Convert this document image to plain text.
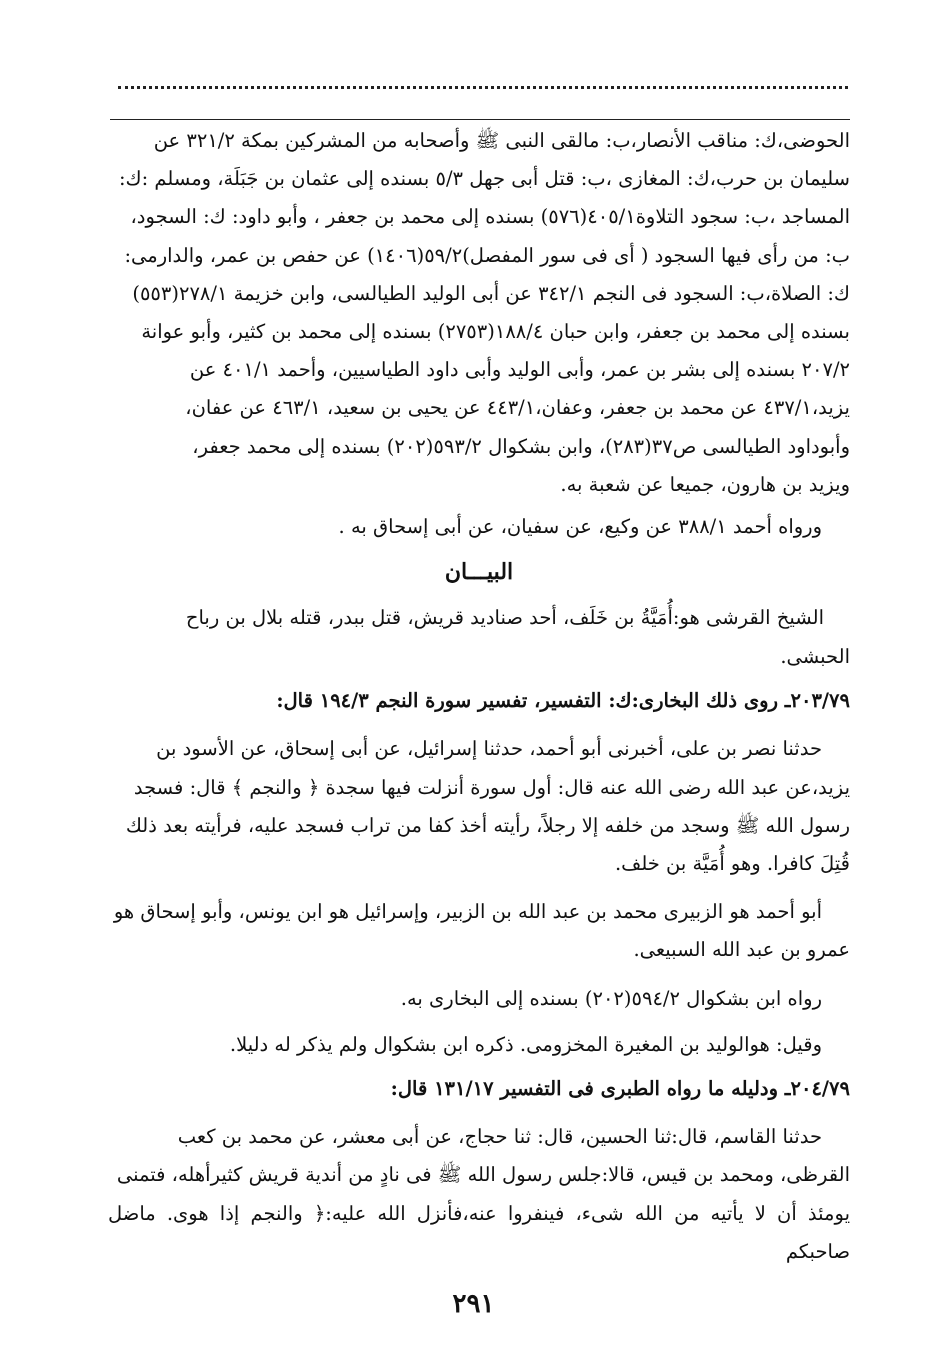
الحوضى،ك: مناقب الأنصار،ب: مالقى النبى ﷺ وأصحابه من المشركين بمكة ٣٢١/٢ عن

سليمان بن حرب،ك: المغازى ،ب: قتل أبى جهل ٥/٣ بسنده إلى عثمان بن جَبَلَة، ومسلم :ك:

المساجد ،ب: سجود التلاوة٤٠٥/١(٥٧٦) بسنده إلى محمد بن جعفر ، وأبو داود: ك: السجود،

ب: من رأى فيها السجود ( أى فى سور المفصل)٥٩/٢(١٤٠٦) عن حفص بن عمر، والدارمى:

ك: الصلاة،ب: السجود فى النجم ٣٤٢/١ عن أبى الوليد الطيالسى، وابن خزيمة ٢٧٨/١(٥٥٣)

بسنده إلى محمد بن جعفر، وابن حبان ١٨٨/٤(٢٧٥٣) بسنده إلى محمد بن كثير، وأبو عوانة

٢٠٧/٢ بسنده إلى بشر بن عمر، وأبى الوليد وأبى داود الطياسيين، وأحمد ٤٠١/١ عن

يزيد،٤٣٧/١ عن محمد بن جعفر، وعفان،٤٤٣/١ عن يحيى بن سعيد، ٤٦٣/١ عن عفان،

وأبوداود الطيالسى ص٣٧(٢٨٣)، وابن بشكوال ٥٩٣/٢(٢٠٢) بسنده إلى محمد جعفر،

ويزيد بن هارون، جميعا عن شعبة به.

ورواه أحمد ٣٨٨/١ عن وكيع، عن سفيان، عن أبى إسحاق به .

البيـــان

الشيخ القرشى هو:أُمَيَّةُ بن خَلَف، أحد صناديد قريش، قتل ببدر، قتله بلال بن رباح

الحبشى.

٢٠٣/٧٩ـ روى ذلك البخارى:ك: التفسير، تفسير سورة النجم ١٩٤/٣ قال:

حدثنا نصر بن على، أخبرنى أبو أحمد، حدثنا إسرائيل، عن أبى إسحاق، عن الأسود بن

يزيد،عن عبد الله رضى الله عنه قال: أول سورة أنزلت فيها سجدة ﴿ والنجم ﴾ قال: فسجد

رسول الله ﷺ وسجد من خلفه إلا رجلاً، رأيته أخذ كفا من تراب فسجد عليه، فرأيته بعد ذلك

قُتِلَ كافرا. وهو أُمَيَّة بن خلف.

أبو أحمد هو الزبيرى محمد بن عبد الله بن الزبير، وإسرائيل هو ابن يونس، وأبو إسحاق هو

عمرو بن عبد الله السبيعى.

رواه ابن بشكوال ٥٩٤/٢(٢٠٢) بسنده إلى البخارى به.

وقيل: هوالوليد بن المغيرة المخزومى. ذكره ابن بشكوال ولم يذكر له دليلا.

٢٠٤/٧٩ـ ودليله ما رواه الطبرى فى التفسير ١٣١/١٧ قال:

حدثنا القاسم، قال:ثنا الحسين، قال: ثنا حجاج، عن أبى معشر، عن محمد بن كعب

القرظى، ومحمد بن قيس، قالا:جلس رسول الله ﷺ فى نادٍ من أندية قريش كثيرأهله، فتمنى

يومئذ أن لا يأتيه من الله شىء، فينفروا عنه،فأنزل الله عليه:﴿ والنجم إذا هوى. ماضل صاحبكم

٢٩١
